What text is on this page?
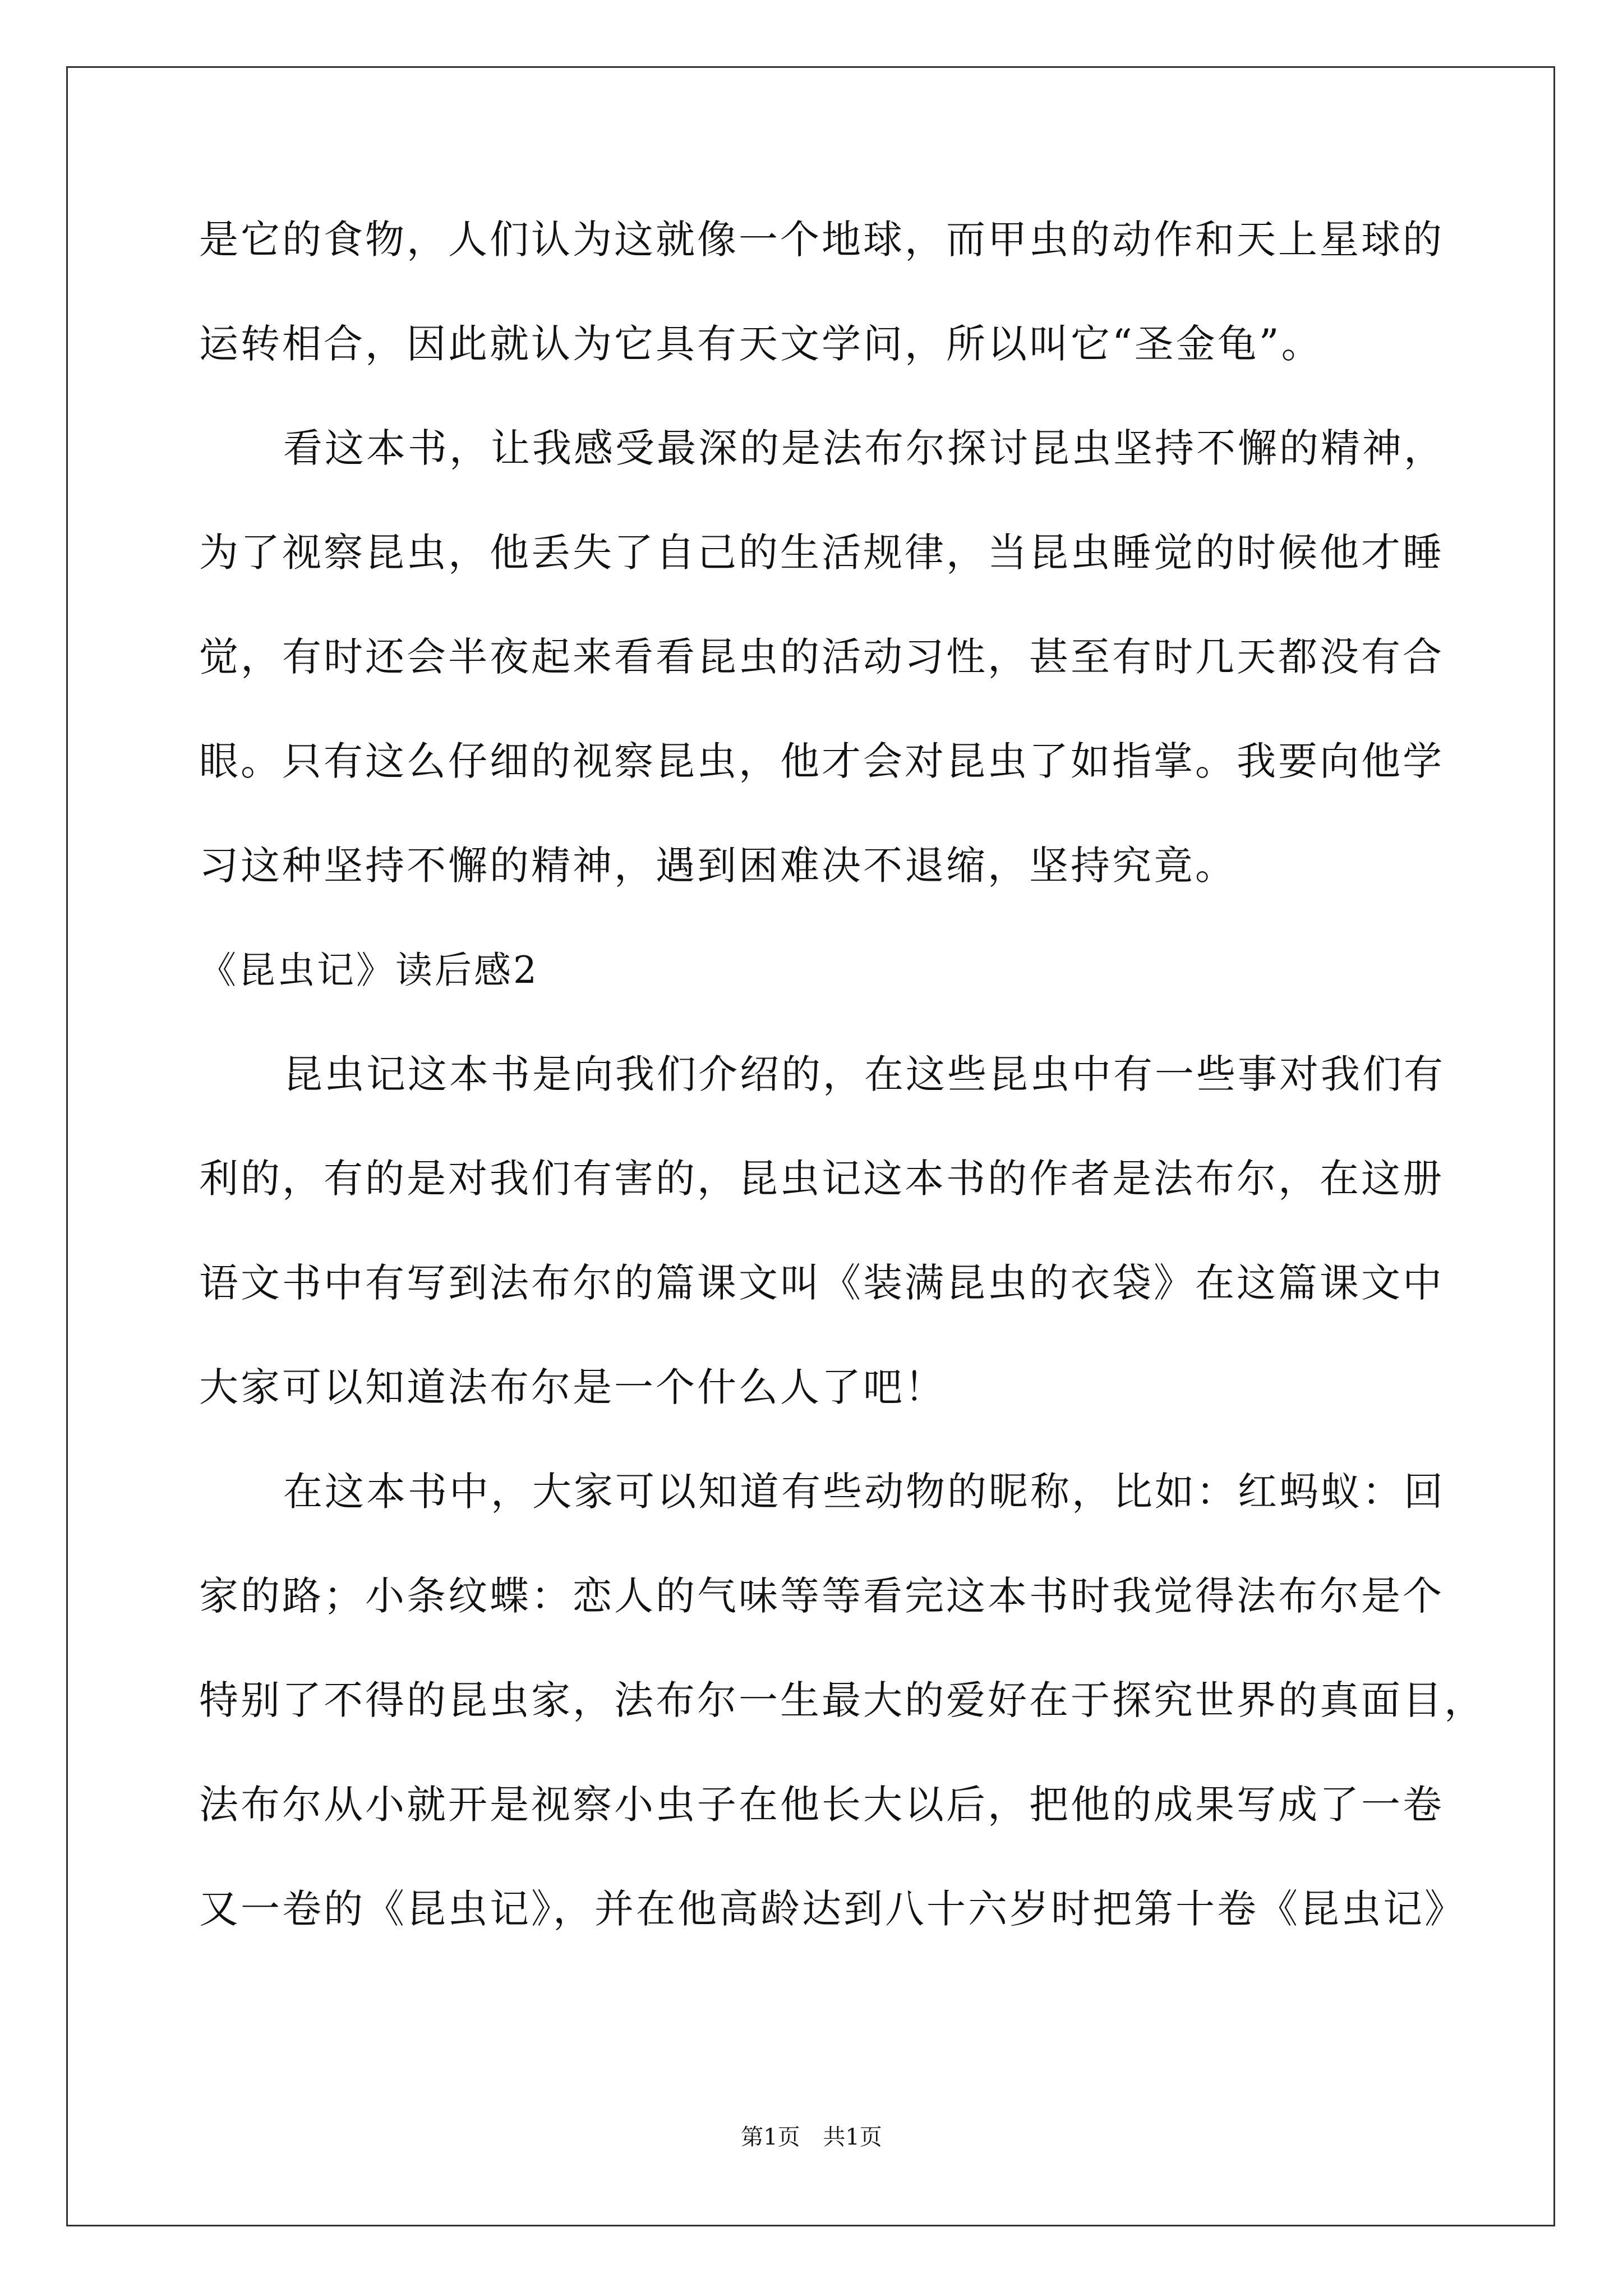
是它的食物，人们认为这就像一个地球，而甲虫的动作和天上星球的
运转相合，因此就认为它具有天文学问，所以叫它“圣金龟”。
看这本书，让我感受最深的是法布尔探讨昆虫坚持不懈的精神，
为了视察昆虫，他丢失了自己的生活规律，当昆虫睡觉的时候他才睡
觉，有时还会半夜起来看看昆虫的活动习性，甚至有时几天都没有合
眼。只有这么仔细的视察昆虫，他才会对昆虫了如指掌。我要向他学
习这种坚持不懈的精神，遇到困难决不退缩，坚持究竟。
《昆虫记》读后感2
昆虫记这本书是向我们介绍的，在这些昆虫中有一些事对我们有
利的，有的是对我们有害的，昆虫记这本书的作者是法布尔，在这册
语文书中有写到法布尔的篇课文叫《装满昆虫的衣袋》在这篇课文中
大家可以知道法布尔是一个什么人了吧！
在这本书中，大家可以知道有些动物的昵称，比如：红蚂蚁：回
家的路；小条纹蝶：恋人的气味等等看完这本书时我觉得法布尔是个
特别了不得的昆虫家，法布尔一生最大的爱好在于探究世界的真面目，
法布尔从小就开是视察小虫子在他长大以后，把他的成果写成了一卷
又一卷的《昆虫记》，并在他高龄达到八十六岁时把第十卷《昆虫记》
第1页 共1页
